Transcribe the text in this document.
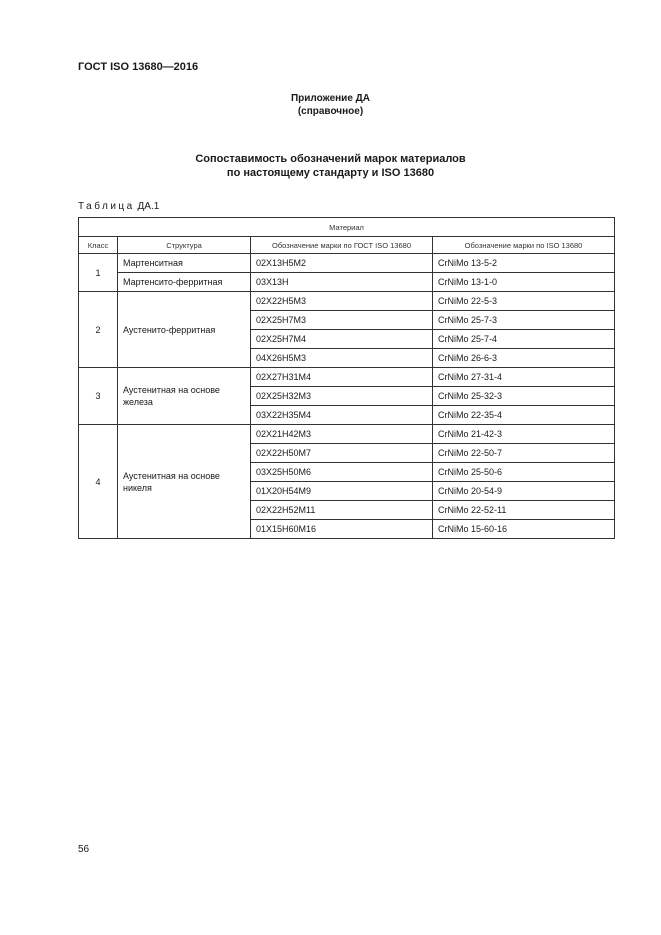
ГОСТ ISO 13680—2016
Приложение ДА
(справочное)
Сопоставимость обозначений марок материалов
по настоящему стандарту и ISO 13680
Таблица ДА.1
Материал			
Класс	Структура	Обозначение марки по ГОСТ ISO 13680	Обозначение марки по ISO 13680
1	Мартенситная	02Х13Н5М2	CrNiMo 13-5-2
	Мартенсито-ферритная	03Х13Н	CrNiMo 13-1-0
2	Аустенито-ферритная	02Х22Н5М3	CrNiMo 22-5-3
		02Х25Н7М3	CrNiMo 25-7-3
		02Х25Н7М4	CrNiMo 25-7-4
		04Х26Н5М3	CrNiMo 26-6-3
3	Аустенитная на основе железа	02Х27Н31М4	CrNiMo 27-31-4
		02Х25Н32М3	CrNiMo 25-32-3
		03Х22Н35М4	CrNiMo 22-35-4
4	Аустенитная на основе никеля	02Х21Н42М3	CrNiMo 21-42-3
		02Х22Н50М7	CrNiMo 22-50-7
		03Х25Н50М6	CrNiMo 25-50-6
		01Х20Н54М9	CrNiMo 20-54-9
		02Х22Н52М11	CrNiMo 22-52-11
		01Х15Н60М16	CrNiMo 15-60-16
56
